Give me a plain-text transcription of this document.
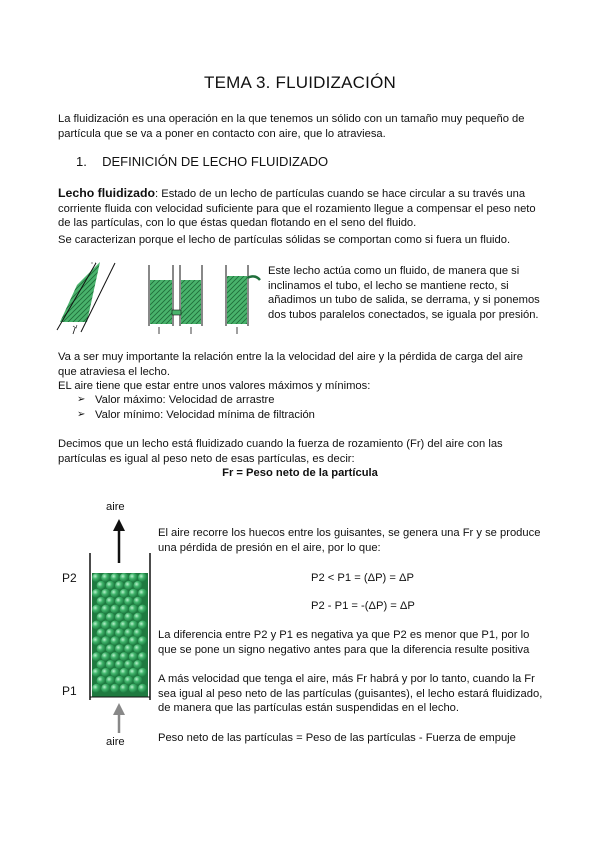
TEMA 3. FLUIDIZACIÓN
La fluidización es una operación en la que tenemos un sólido con un tamaño muy pequeño de partícula que se va a poner en contacto con aire, que lo atraviesa.
1. DEFINICIÓN DE LECHO FLUIDIZADO
Lecho fluidizado: Estado de un lecho de partículas cuando se hace circular a su través una corriente fluida con velocidad suficiente para que el rozamiento llegue a compensar el peso neto de las partículas, con lo que éstas quedan flotando en el seno del fluido.
Se caracterizan porque el lecho de partículas sólidas se comportan como si fuera un fluido.
Este lecho actúa como un fluido, de manera que si inclinamos el tubo, el lecho se mantiene recto, si añadimos un tubo de salida, se derrama, y si ponemos dos tubos paralelos conectados, se iguala por presión.
Va a ser muy importante la relación entre la la velocidad del aire y la pérdida de carga del aire que atraviesa el lecho.
EL aire tiene que estar entre unos valores máximos y mínimos:
➢ Valor máximo: Velocidad de arrastre
➢ Valor mínimo: Velocidad mínima de filtración
Decimos que un lecho está fluidizado cuando la fuerza de rozamiento (Fr) del aire con las partículas es igual al peso neto de esas partículas, es decir:
Fr = Peso neto de la partícula
aire
aire
P2
P1
El aire recorre los huecos entre los guisantes, se genera una Fr y se produce una pérdida de presión en el aire, por lo que:
P2 < P1 = (ΔP) = ΔP
P2 - P1 = -(ΔP) = ΔP
La diferencia entre P2 y P1 es negativa ya que P2 es menor que P1, por lo que se pone un signo negativo antes para que la diferencia resulte positiva
A más velocidad que tenga el aire, más Fr habrá y por lo tanto, cuando la Fr sea igual al peso neto de las partículas (guisantes), el lecho estará fluidizado, de manera que las partículas están suspendidas en el lecho.
Peso neto de las partículas = Peso de las partículas - Fuerza de empuje
